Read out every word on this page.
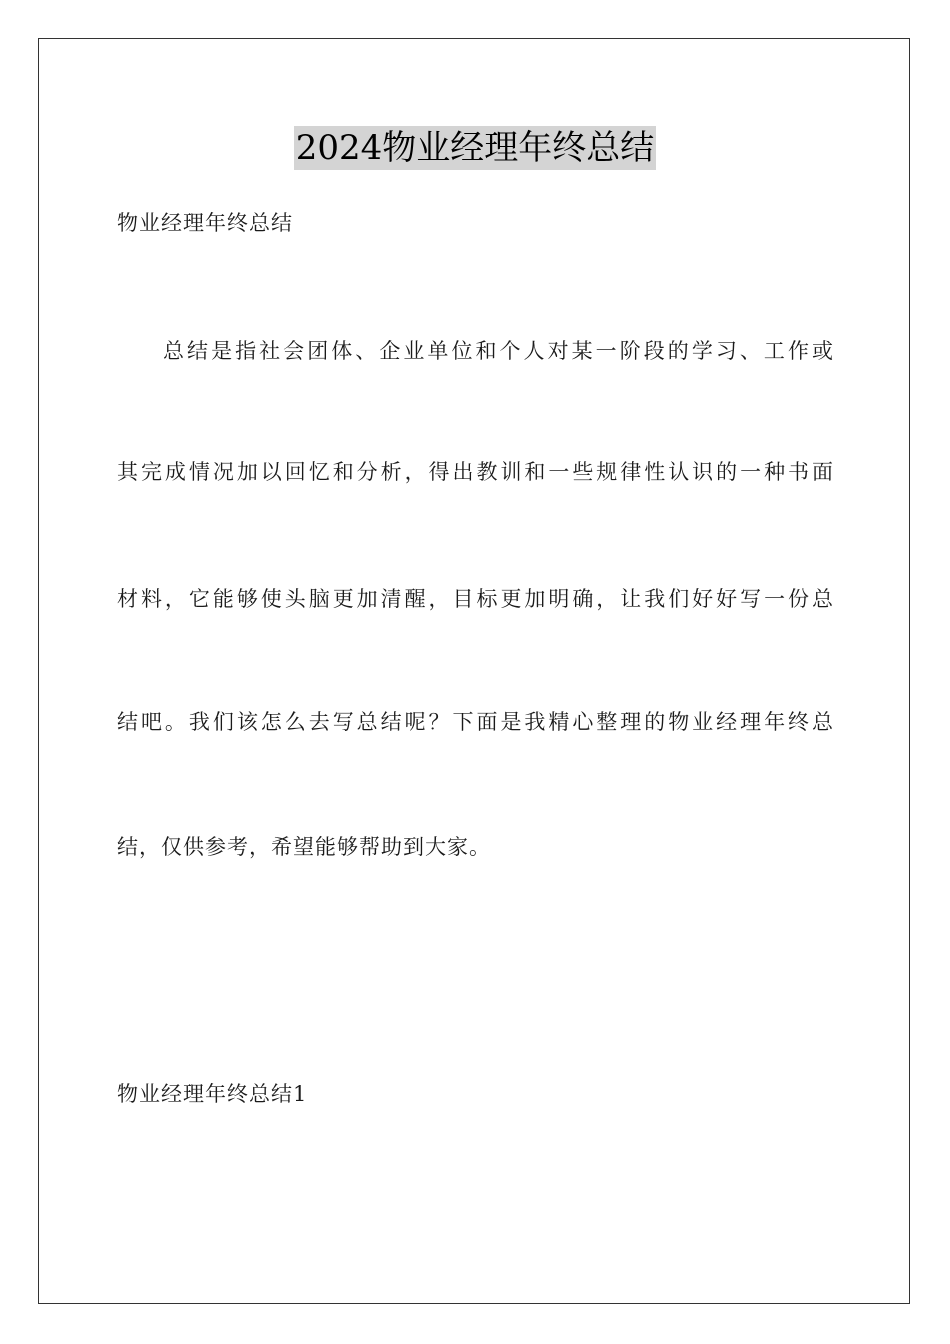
2024物业经理年终总结
物业经理年终总结
总结是指社会团体、企业单位和个人对某一阶段的学习、工作或
其完成情况加以回忆和分析，得出教训和一些规律性认识的一种书面
材料，它能够使头脑更加清醒，目标更加明确，让我们好好写一份总
结吧。我们该怎么去写总结呢？下面是我精心整理的物业经理年终总
结，仅供参考，希望能够帮助到大家。
物业经理年终总结1
